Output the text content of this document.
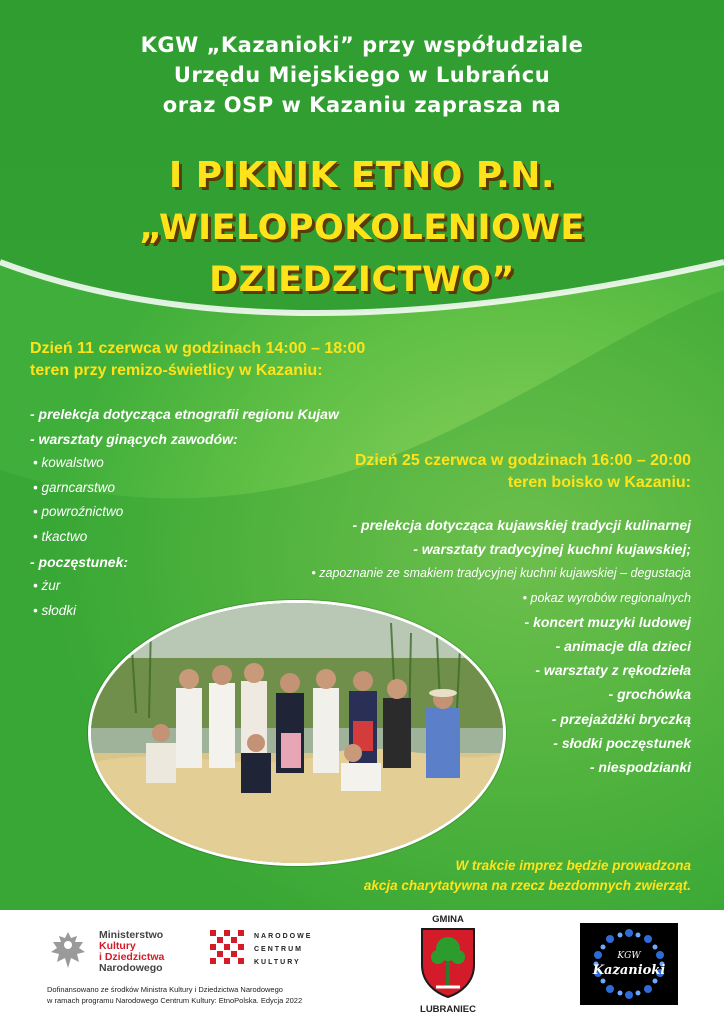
KGW „Kazanioki” przy współudziale
Urzędu Miejskiego w Lubrańcu
oraz OSP w Kazaniu zaprasza na
I PIKNIK ETNO P.N.
„WIELOPOKOLENIOWE DZIEDZICTWO”
Dzień 11 czerwca w godzinach 14:00 – 18:00
teren przy remizo-świetlicy w Kazaniu:
- prelekcja dotycząca etnografii regionu Kujaw
- warsztaty ginących zawodów:
• kowalstwo
• garncarstwo
• powroźnictwo
• tkactwo
- poczęstunek:
• żur
• słodki
Dzień 25 czerwca w godzinach 16:00 – 20:00
teren boisko w Kazaniu:
- prelekcja dotycząca kujawskiej tradycji kulinarnej
- warsztaty tradycyjnej kuchni kujawskiej;
• zapoznanie ze smakiem tradycyjnej kuchni kujawskiej – degustacja
• pokaz wyrobów regionalnych
- koncert muzyki ludowej
- animacje dla dzieci
- warsztaty z rękodzieła
- grochówka
- przejażdżki bryczką
- słodki poczęstunek
- niespodzianki
W trakcie imprez będzie prowadzona
akcja charytatywna na rzecz bezdomnych zwierząt.
Ministerstwo
Kultury
i Dziedzictwa
Narodowego
NARODOWE
CENTRUM
KULTURY
Dofinansowano ze środków Ministra Kultury i Dziedzictwa Narodowego
w ramach programu Narodowego Centrum Kultury: EtnoPolska. Edycja 2022
GMINA
LUBRANIEC
KGW
Kazanioki
